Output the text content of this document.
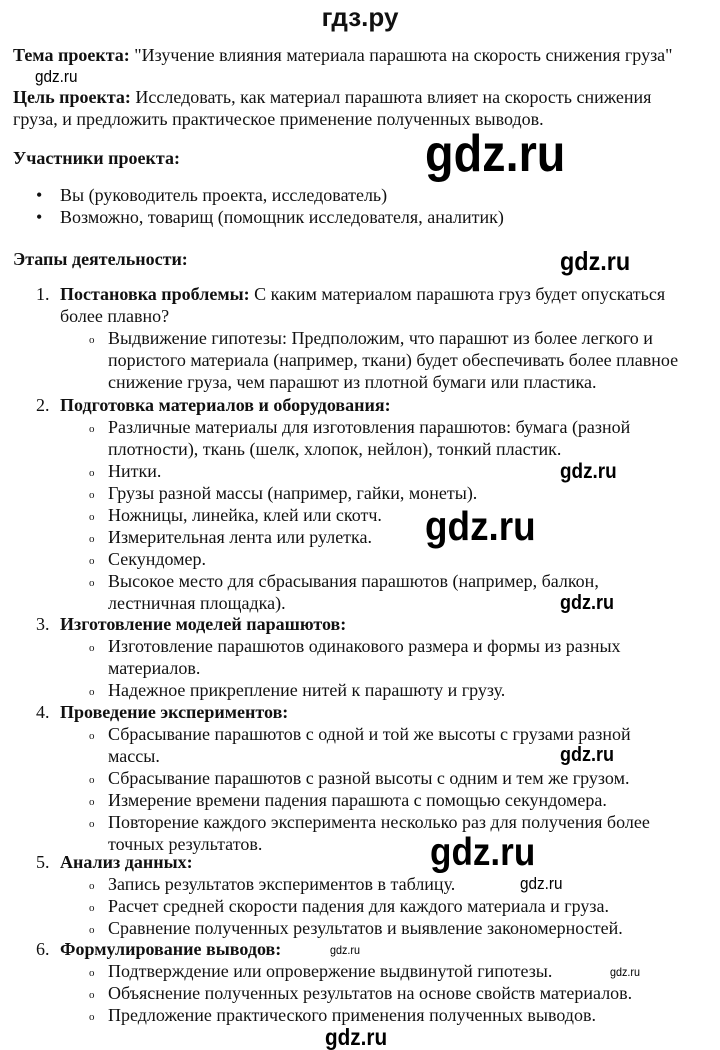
гдз.ру
Тема проекта: "Изучение влияния материала парашюта на скорость снижения груза"
Цель проекта: Исследовать, как материал парашюта влияет на скорость снижения
груза, и предложить практическое применение полученных выводов.
Участники проекта:
• Вы (руководитель проекта, исследователь)
• Возможно, товарищ (помощник исследователя, аналитик)
Этапы деятельности:
1. Постановка проблемы: С каким материалом парашюта груз будет опускаться
более плавно?
o Выдвижение гипотезы: Предположим, что парашют из более легкого и
пористого материала (например, ткани) будет обеспечивать более плавное
снижение груза, чем парашют из плотной бумаги или пластика.
2. Подготовка материалов и оборудования:
o Различные материалы для изготовления парашютов: бумага (разной
плотности), ткань (шелк, хлопок, нейлон), тонкий пластик.
o Нитки.
o Грузы разной массы (например, гайки, монеты).
o Ножницы, линейка, клей или скотч.
o Измерительная лента или рулетка.
o Секундомер.
o Высокое место для сбрасывания парашютов (например, балкон,
лестничная площадка).
3. Изготовление моделей парашютов:
o Изготовление парашютов одинакового размера и формы из разных
материалов.
o Надежное прикрепление нитей к парашюту и грузу.
4. Проведение экспериментов:
o Сбрасывание парашютов с одной и той же высоты с грузами разной
массы.
o Сбрасывание парашютов с разной высоты с одним и тем же грузом.
o Измерение времени падения парашюта с помощью секундомера.
o Повторение каждого эксперимента несколько раз для получения более
точных результатов.
5. Анализ данных:
o Запись результатов экспериментов в таблицу.
o Расчет средней скорости падения для каждого материала и груза.
o Сравнение полученных результатов и выявление закономерностей.
6. Формулирование выводов:
o Подтверждение или опровержение выдвинутой гипотезы.
o Объяснение полученных результатов на основе свойств материалов.
o Предложение практического применения полученных выводов.
gdz.ru
gdz.ru
gdz.ru
gdz.ru
gdz.ru
gdz.ru
gdz.ru
gdz.ru
gdz.ru
gdz.ru
gdz.ru
gdz.ru
